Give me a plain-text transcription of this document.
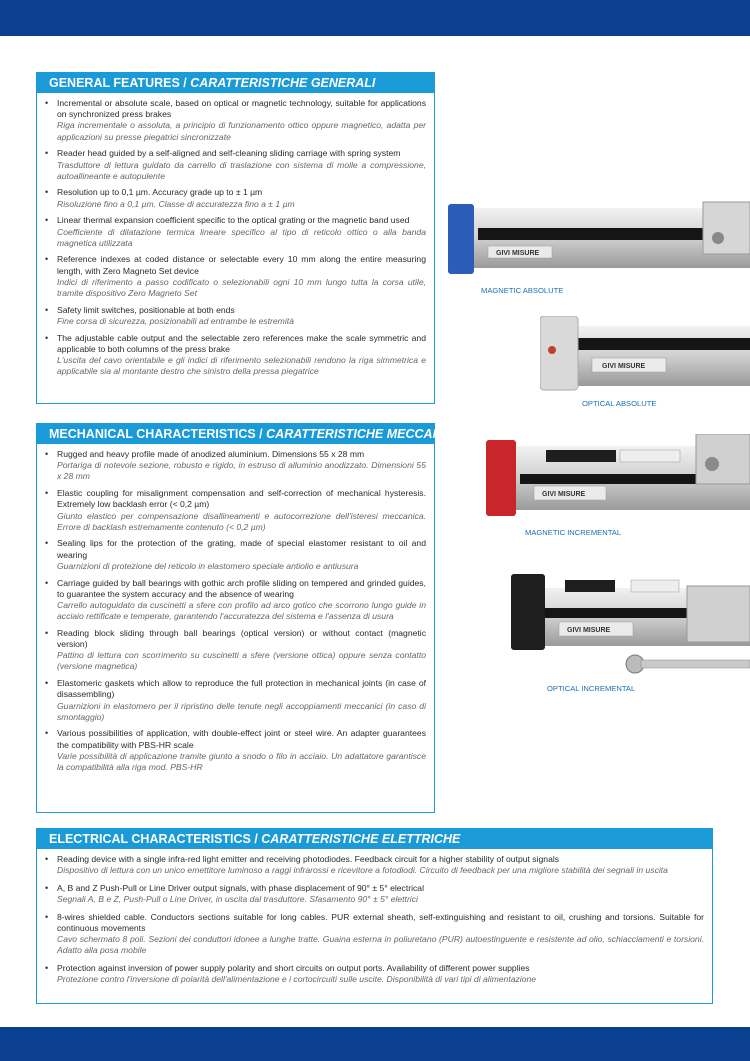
GENERAL FEATURES / CARATTERISTICHE GENERALI
• Incremental or absolute scale, based on optical or magnetic technology, suitable for applications on synchronized press brakes
Riga incrementale o assoluta, a principio di funzionamento ottico oppure magnetico, adatta per applicazioni su presse piegatrici sincronizzate
• Reader head guided by a self-aligned and self-cleaning sliding carriage with spring system
Trasduttore di lettura guidato da carrello di traslazione con sistema di molle a compressione, autoallineante e autopulente
• Resolution up to 0,1 µm. Accuracy grade up to ± 1 µm
Risoluzione fino a 0,1 µm. Classe di accuratezza fino a ± 1 µm
• Linear thermal expansion coefficient specific to the optical grating or the magnetic band used
Coefficiente di dilatazione termica lineare specifico al tipo di reticolo ottico o alla banda magnetica utilizzata
• Reference indexes at coded distance or selectable every 10 mm along the entire measuring length, with Zero Magneto Set device
Indici di riferimento a passo codificato o selezionabili ogni 10 mm lungo tutta la corsa utile, tramite dispositivo Zero Magneto Set
• Safety limit switches, positionable at both ends
Fine corsa di sicurezza, posizionabili ad entrambe le estremità
• The adjustable cable output and the selectable zero references make the scale symmetric and applicable to both columns of the press brake
L'uscita del cavo orientabile e gli indici di riferimento selezionabili rendono la riga simmetrica e applicabile sia al montante destro che sinistro della pressa piegatrice
MECHANICAL CHARACTERISTICS / CARATTERISTICHE MECCANICHE
• Rugged and heavy profile made of anodized aluminium. Dimensions 55 x 28 mm
Portariga di notevole sezione, robusto e rigido, in estruso di alluminio anodizzato. Dimensioni 55 x 28 mm
• Elastic coupling for misalignment compensation and self-correction of mechanical hysteresis. Extremely low backlash error (< 0,2 µm)
Giunto elastico per compensazione disallineamenti e autocorrezione dell'isteresi meccanica. Errore di backlash estremamente contenuto (< 0,2 µm)
• Sealing lips for the protection of the grating, made of special elastomer resistant to oil and wearing
Guarnizioni di protezione del reticolo in elastomero speciale antiolio e antiusura
• Carriage guided by ball bearings with gothic arch profile sliding on tempered and grinded guides, to guarantee the system accuracy and the absence of wearing
Carrello autoguidato da cuscinetti a sfere con profilo ad arco gotico che scorrono lungo guide in acciaio rettificate e temperate, garantendo l'accuratezza del sistema e l'assenza di usura
• Reading block sliding through ball bearings (optical version) or without contact (magnetic version)
Pattino di lettura con scorrimento su cuscinetti a sfere (versione ottica) oppure senza contatto (versione magnetica)
• Elastomeric gaskets which allow to reproduce the full protection in mechanical joints (in case of disassembling)
Guarnizioni in elastomero per il ripristino delle tenute negli accoppiamenti meccanici (in caso di smontaggio)
• Various possibilities of application, with double-effect joint or steel wire. An adapter guarantees the compatibility with PBS-HR scale
Varie possibilità di applicazione tramite giunto a snodo o filo in acciaio. Un adattatore garantisce la compatibilità alla riga mod. PBS-HR
ELECTRICAL CHARACTERISTICS / CARATTERISTICHE ELETTRICHE
• Reading device with a single infra-red light emitter and receiving photodiodes. Feedback circuit for a higher stability of output signals
Dispositivo di lettura con un unico emettitore luminoso a raggi infrarossi e ricevitore a fotodiodi. Circuito di feedback per una migliore stabilità dei segnali in uscita
• A, B and Z Push-Pull or Line Driver output signals, with phase displacement of 90° ± 5° electrical
Segnali A, B e Z, Push-Pull o Line Driver, in uscita dal trasduttore. Sfasamento 90° ± 5° elettrici
• 8-wires shielded cable. Conductors sections suitable for long cables. PUR external sheath, self-extinguishing and resistant to oil, crushing and torsions. Suitable for continuous movements
Cavo schermato 8 poli. Sezioni dei conduttori idonee a lunghe tratte. Guaina esterna in poliuretano (PUR) autoestinguente e resistente ad olio, schiacciamenti e torsioni. Adatto alla posa mobile
• Protection against inversion of power supply polarity and short circuits on output ports. Availability of different power supplies
Protezione contro l'inversione di polarità dell'alimentazione e i cortocircuiti sulle uscite. Disponibilità di vari tipi di alimentazione
GIVI MISURE
MAGNETIC ABSOLUTE
GIVI MISURE
OPTICAL ABSOLUTE
GIVI MISURE
MAGNETIC INCREMENTAL
GIVI MISURE
OPTICAL INCREMENTAL
